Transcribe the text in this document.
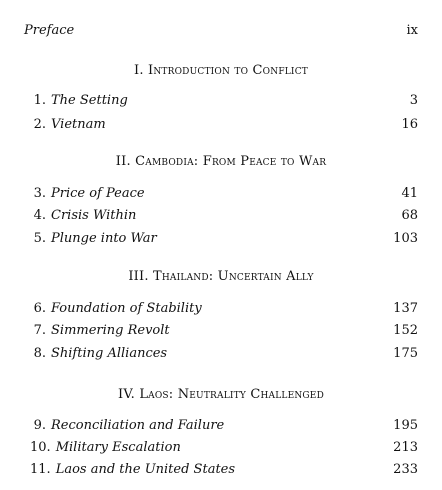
Preface	ix
I. Introduction to Conflict
1. The Setting	3
2. Vietnam	16
II. Cambodia: From Peace to War
3. Price of Peace	41
4. Crisis Within	68
5. Plunge into War	103
III. Thailand: Uncertain Ally
6. Foundation of Stability	137
7. Simmering Revolt	152
8. Shifting Alliances	175
IV. Laos: Neutrality Challenged
9. Reconciliation and Failure	195
10. Military Escalation	213
11. Laos and the United States	233
